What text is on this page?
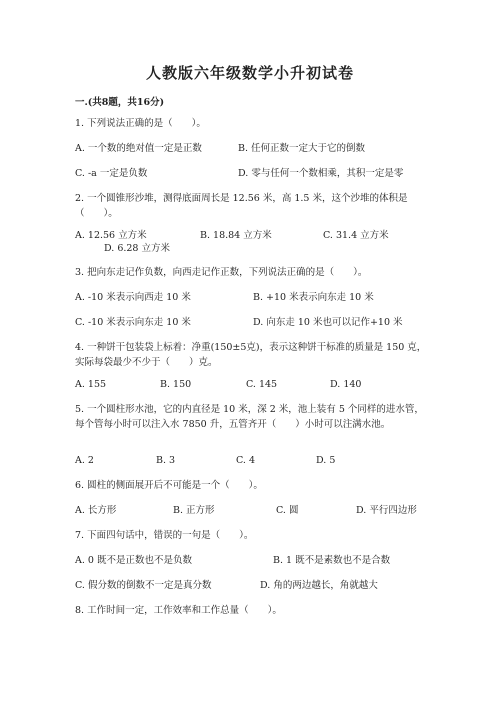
人教版六年级数学小升初试卷
一.(共8题，共16分)
1. 下列说法正确的是（　　）。
A. 一个数的绝对值一定是正数	B. 任何正数一定大于它的倒数
C. -a 一定是负数	D. 零与任何一个数相乘，其积一定是零
2. 一个圆锥形沙堆，测得底面周长是 12.56 米，高 1.5 米，这个沙堆的体积是（　　）。
A. 12.56 立方米	B. 18.84 立方米	C. 31.4 立方米
D. 6.28 立方米
3. 把向东走记作负数，向西走记作正数，下列说法正确的是（　　）。
A. -10 米表示向西走 10 米	B. +10 米表示向东走 10 米
C. -10 米表示向东走 10 米	D. 向东走 10 米也可以记作+10 米
4. 一种饼干包装袋上标着：净重(150±5克)，表示这种饼干标准的质量是 150 克，实际每袋最少不少于（　　）克。
A. 155	B. 150	C. 145	D. 140
5. 一个圆柱形水池，它的内直径是 10 米，深 2 米，池上装有 5 个同样的进水管，每个管每小时可以注入水 7850 升，五管齐开（　　）小时可以注满水池。
A. 2	B. 3	C. 4	D. 5
6. 圆柱的侧面展开后不可能是一个（　　）。
A. 长方形	B. 正方形	C. 圆	D. 平行四边形
7. 下面四句话中，错误的一句是（　　）。
A. 0 既不是正数也不是负数	B. 1 既不是素数也不是合数
C. 假分数的倒数不一定是真分数	D. 角的两边越长，角就越大
8. 工作时间一定，工作效率和工作总量（　　）。
